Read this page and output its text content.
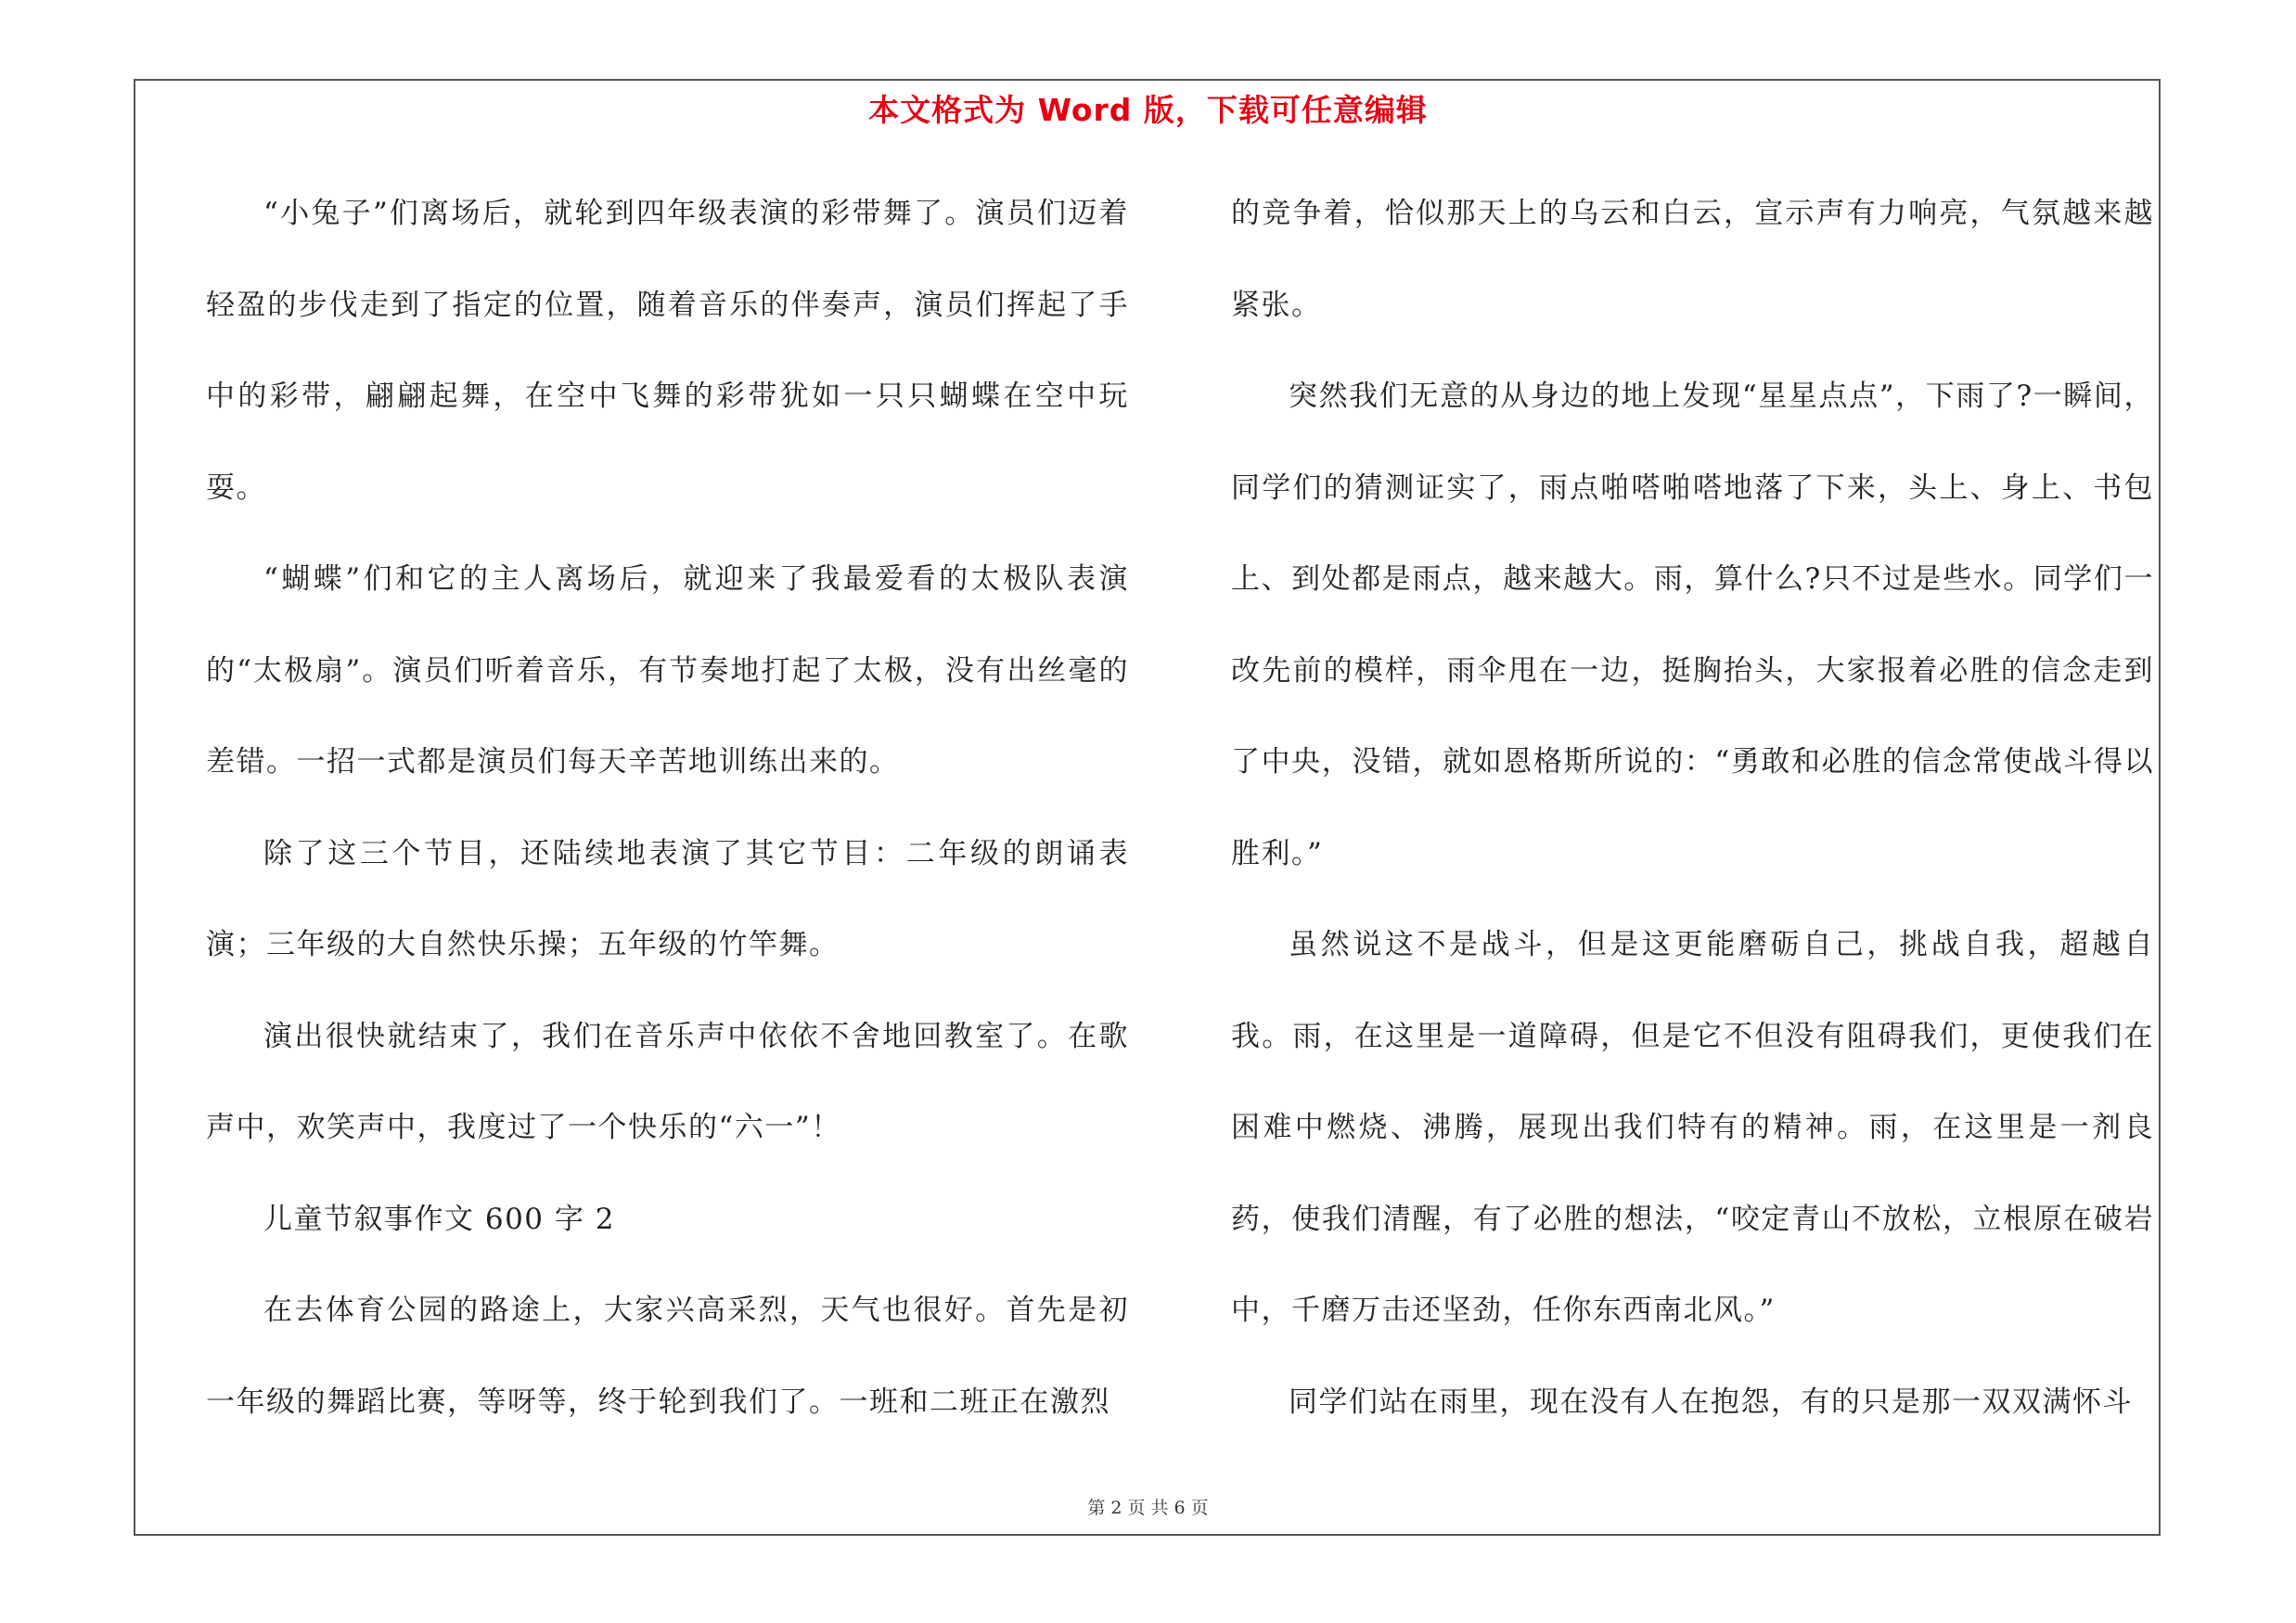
本文格式为 Word 版，下载可任意编辑

“小兔子”们离场后，就轮到四年级表演的彩带舞了。演员们迈着轻盈的步伐走到了指定的位置，随着音乐的伴奏声，演员们挥起了手中的彩带，翩翩起舞，在空中飞舞的彩带犹如一只只蝴蝶在空中玩耍。

“蝴蝶”们和它的主人离场后，就迎来了我最爱看的太极队表演的“太极扇”。演员们听着音乐，有节奏地打起了太极，没有出丝毫的差错。一招一式都是演员们每天辛苦地训练出来的。

除了这三个节目，还陆续地表演了其它节目：二年级的朗诵表演；三年级的大自然快乐操；五年级的竹竿舞。

演出很快就结束了，我们在音乐声中依依不舍地回教室了。在歌声中，欢笑声中，我度过了一个快乐的“六一”！

儿童节叙事作文 600 字 2

在去体育公园的路途上，大家兴高采烈，天气也很好。首先是初一年级的舞蹈比赛，等呀等，终于轮到我们了。一班和二班正在激烈

的竞争着，恰似那天上的乌云和白云，宣示声有力响亮，气氛越来越紧张。

突然我们无意的从身边的地上发现“星星点点”，下雨了?一瞬间，同学们的猜测证实了，雨点啪嗒啪嗒地落了下来，头上、身上、书包上、到处都是雨点，越来越大。雨，算什么?只不过是些水。同学们一改先前的模样，雨伞甩在一边，挺胸抬头，大家报着必胜的信念走到了中央，没错，就如恩格斯所说的：“勇敢和必胜的信念常使战斗得以胜利。”

虽然说这不是战斗，但是这更能磨砺自己，挑战自我，超越自我。雨，在这里是一道障碍，但是它不但没有阻碍我们，更使我们在困难中燃烧、沸腾，展现出我们特有的精神。雨，在这里是一剂良药，使我们清醒，有了必胜的想法，“咬定青山不放松，立根原在破岩中，千磨万击还坚劲，任你东西南北风。”

同学们站在雨里，现在没有人在抱怨，有的只是那一双双满怀斗

第 2 页 共 6 页
